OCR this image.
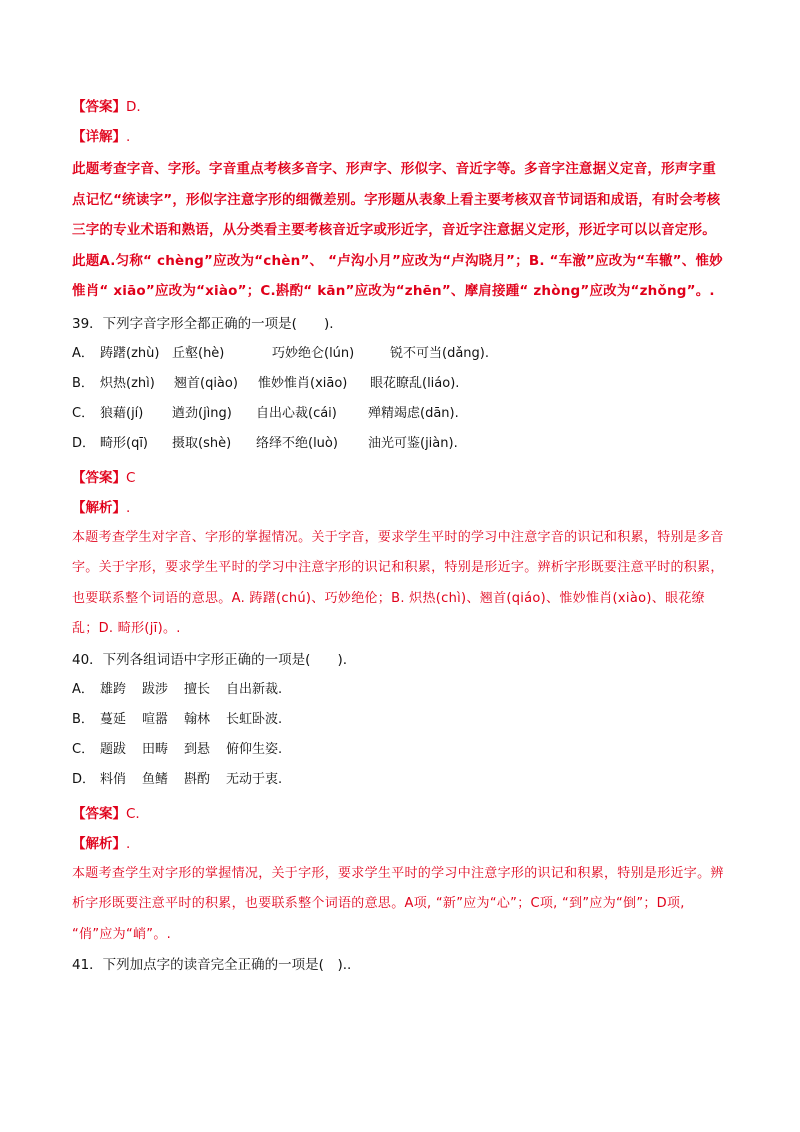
【答案】D.
【详解】.
此题考查字音、字形。字音重点考核多音字、形声字、形似字、音近字等。多音字注意据义定音，形声字重点记忆“统读字”，形似字注意字形的细微差别。字形题从表象上看主要考核双音节词语和成语，有时会考核三字的专业术语和熟语，从分类看主要考核音近字或形近字，音近字注意据义定形，形近字可以以音定形。此题A.匀称“ chèng”应改为“chèn”、 “卢沟小月”应改为“卢沟晓月”；B. “车澈”应改为“车辙”、惟妙惟肖“ xiāo”应改为“xiào”；C.斟酌“ kān”应改为“zhēn”、摩肩接踵“ zhòng”应改为“zhǒng”。.
39．下列字音字形全都正确的一项是(　　).
A． 踌躇(zhù) 丘壑(hè)	巧妙绝仑(lún)	锐不可当(dǎng).
B． 炽热(zhì)	翘首(qiào)	惟妙惟肖(xiāo)	眼花瞭乱(liáo).
C． 狼藉(jí)	遒劲(jìng)	自出心裁(cái)	殚精竭虑(dān).
D． 畸形(qī)	摄取(shè)	络绎不绝(luò)	油光可鉴(jiàn).
【答案】C
【解析】.
本题考查学生对字音、字形的掌握情况。关于字音，要求学生平时的学习中注意字音的识记和积累，特别是多音字。关于字形，要求学生平时的学习中注意字形的识记和积累，特别是形近字。辨析字形既要注意平时的积累，也要联系整个词语的意思。A. 踌躇(chú)、巧妙绝伦；B. 炽热(chì)、翘首(qiáo)、惟妙惟肖(xiào)、眼花缭乱；D. 畸形(jī)。.
40．下列各组词语中字形正确的一项是(　　).
A． 雄跨	跋涉	擅长	自出新裁.
B． 蔓延	喧嚣	翰林	长虹卧波.
C． 题跋	田畴	到悬	俯仰生姿.
D． 料俏	鱼鳍	斟酌	无动于衷.
【答案】C.
【解析】.
本题考查学生对字形的掌握情况，关于字形，要求学生平时的学习中注意字形的识记和积累，特别是形近字。辨析字形既要注意平时的积累，也要联系整个词语的意思。A项, “新”应为“心”；C项, “到”应为“倒”；D项, “俏”应为“峭”。.
41．下列加点字的读音完全正确的一项是(　)..
